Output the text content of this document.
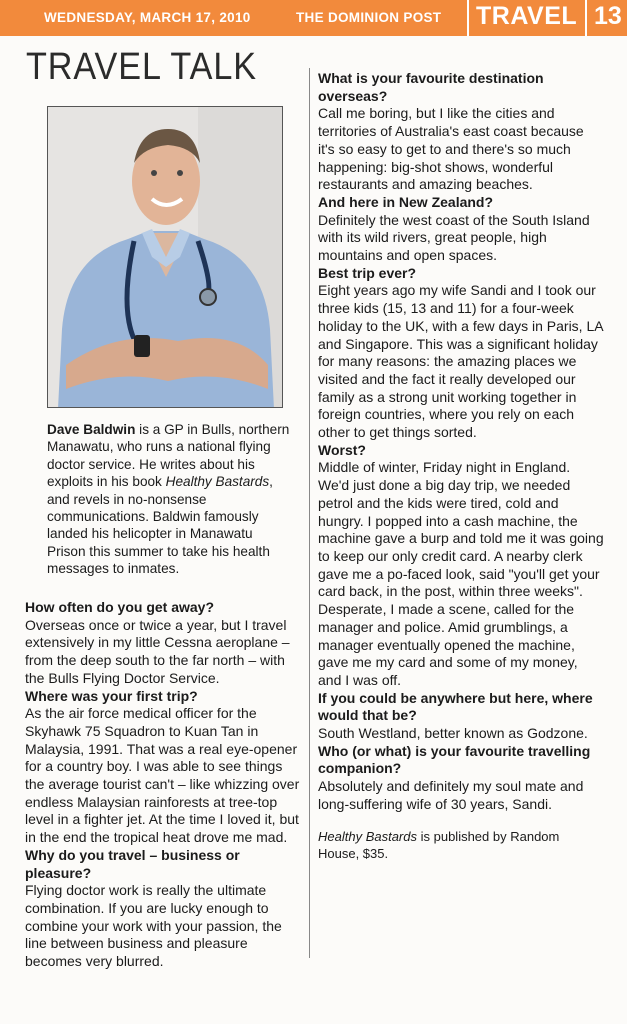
WEDNESDAY, MARCH 17, 2010	THE DOMINION POST TRAVEL 13
TRAVEL TALK
Dave Baldwin is a GP in Bulls, northern Manawatu, who runs a national flying doctor service. He writes about his exploits in his book Healthy Bastards, and revels in no-nonsense communications. Baldwin famously landed his helicopter in Manawatu Prison this summer to take his health messages to inmates.

How often do you get away?

Overseas once or twice a year, but I travel extensively in my little Cessna aeroplane – from the deep south to the far north – with the Bulls Flying Doctor Service.

Where was your first trip?

As the air force medical officer for the Skyhawk 75 Squadron to Kuan Tan in Malaysia, 1991. That was a real eye-opener for a country boy. I was able to see things the average tourist can't – like whizzing over endless Malaysian rainforests at tree-top level in a fighter jet. At the time I loved it, but in the end the tropical heat drove me mad.

Why do you travel – business or pleasure?

Flying doctor work is really the ultimate combination. If you are lucky enough to combine your work with your passion, the line between business and pleasure becomes very blurred.

What is your favourite destination overseas?

Call me boring, but I like the cities and territories of Australia's east coast because it's so easy to get to and there's so much happening: big-shot shows, wonderful restaurants and amazing beaches.

And here in New Zealand?

Definitely the west coast of the South Island with its wild rivers, great people, high mountains and open spaces.

Best trip ever?

Eight years ago my wife Sandi and I took our three kids (15, 13 and 11) for a four-week holiday to the UK, with a few days in Paris, LA and Singapore. This was a significant holiday for many reasons: the amazing places we visited and the fact it really developed our family as a strong unit working together in foreign countries, where you rely on each other to get things sorted.

Worst?

Middle of winter, Friday night in England. We'd just done a big day trip, we needed petrol and the kids were tired, cold and hungry. I popped into a cash machine, the machine gave a burp and told me it was going to keep our only credit card. A nearby clerk gave me a po-faced look, said "you'll get your card back, in the post, within three weeks". Desperate, I made a scene, called for the manager and police. Amid grumblings, a manager eventually opened the machine, gave me my card and some of my money, and I was off.

If you could be anywhere but here, where would that be?

South Westland, better known as Godzone.

Who (or what) is your favourite travelling companion?

Absolutely and definitely my soul mate and long-suffering wife of 30 years, Sandi.

Healthy Bastards is published by Random House, $35.
